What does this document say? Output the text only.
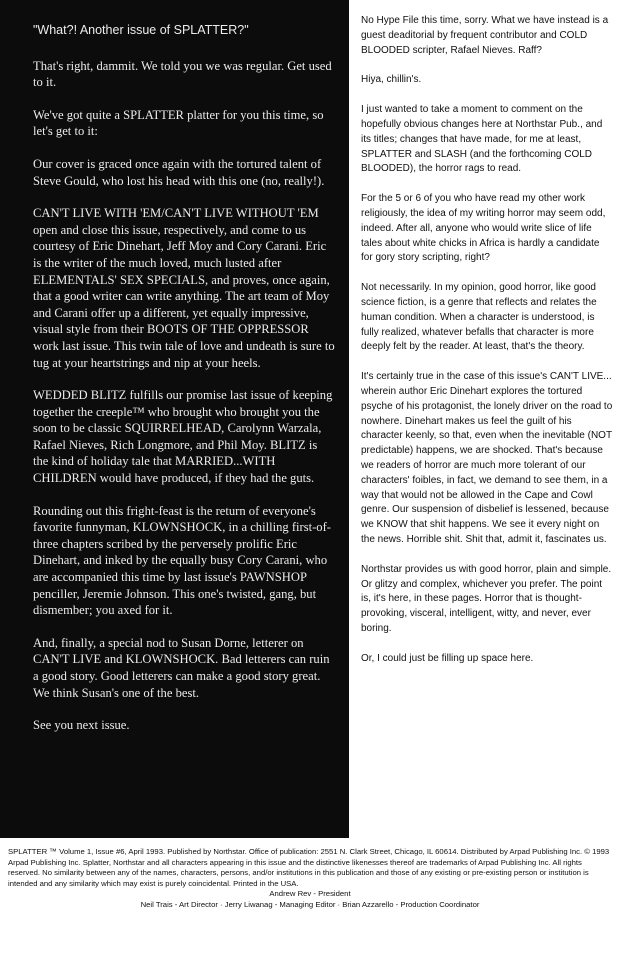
"What?! Another issue of SPLATTER?"

That's right, dammit. We told you we was regular. Get used to it.

We've got quite a SPLATTER platter for you this time, so let's get to it:

Our cover is graced once again with the tortured talent of Steve Gould, who lost his head with this one (no, really!).

CAN'T LIVE WITH 'EM/CAN'T LIVE WITHOUT 'EM open and close this issue, respectively, and come to us courtesy of Eric Dinehart, Jeff Moy and Cory Carani. Eric is the writer of the much loved, much lusted after ELEMENTALS' SEX SPECIALS, and proves, once again, that a good writer can write anything. The art team of Moy and Carani offer up a different, yet equally impressive, visual style from their BOOTS OF THE OPPRESSOR work last issue. This twin tale of love and undeath is sure to tug at your heartstrings and nip at your heels.

WEDDED BLITZ fulfills our promise last issue of keeping together the creeple™ who brought who brought you the soon to be classic SQUIRRELHEAD, Carolynn Warzala, Rafael Nieves, Rich Longmore, and Phil Moy. BLITZ is the kind of holiday tale that MARRIED...WITH CHILDREN would have produced, if they had the guts.

Rounding out this fright-feast is the return of everyone's favorite funnyman, KLOWNSHOCK, in a chilling first-of-three chapters scribed by the perversely prolific Eric Dinehart, and inked by the equally busy Cory Carani, who are accompanied this time by last issue's PAWNSHOP penciller, Jeremie Johnson. This one's twisted, gang, but dismember; you axed for it.

And, finally, a special nod to Susan Dorne, letterer on CAN'T LIVE and KLOWNSHOCK. Bad letterers can ruin a good story. Good letterers can make a good story great. We think Susan's one of the best.

See you next issue.

No Hype File this time, sorry. What we have instead is a guest deaditorial by frequent contributor and COLD BLOODED scripter, Rafael Nieves. Raff?

Hiya, chillin's.

I just wanted to take a moment to comment on the hopefully obvious changes here at Northstar Pub., and its titles; changes that have made, for me at least, SPLATTER and SLASH (and the forthcoming COLD BLOODED), the horror rags to read.

For the 5 or 6 of you who have read my other work religiously, the idea of my writing horror may seem odd, indeed. After all, anyone who would write slice of life tales about white chicks in Africa is hardly a candidate for gory story scripting, right?

Not necessarily. In my opinion, good horror, like good science fiction, is a genre that reflects and relates the human condition. When a character is understood, is fully realized, whatever befalls that character is more deeply felt by the reader. At least, that's the theory.

It's certainly true in the case of this issue's CAN'T LIVE... wherein author Eric Dinehart explores the tortured psyche of his protagonist, the lonely driver on the road to nowhere. Dinehart makes us feel the guilt of his character keenly, so that, even when the inevitable (NOT predictable) happens, we are shocked. That's because we readers of horror are much more tolerant of our characters' foibles, in fact, we demand to see them, in a way that would not be allowed in the Cape and Cowl genre. Our suspension of disbelief is lessened, because we KNOW that shit happens. We see it every night on the news. Horrible shit. Shit that, admit it, fascinates us.

Northstar provides us with good horror, plain and simple. Or glitzy and complex, whichever you prefer. The point is, it's here, in these pages. Horror that is thought-provoking, visceral, intelligent, witty, and never, ever boring.

Or, I could just be filling up space here.

SPLATTER ™ Volume 1, Issue #6, April 1993. Published by Northstar. Office of publication: 2551 N. Clark Street, Chicago, IL 60614. Distributed by Arpad Publishing Inc. © 1993 Arpad Publishing Inc. Splatter, Northstar and all characters appearing in this issue and the distinctive likenesses thereof are trademarks of Arpad Publishing Inc. All rights reserved. No similarity between any of the names, characters, persons, and/or institutions in this publication and those of any existing or pre-existing person or institution is intended and any similarity which may exist is purely coincidental. Printed in the USA.

Andrew Rev - President

Neil Trais - Art Director · Jerry Liwanag - Managing Editor · Brian Azzarello - Production Coordinator
